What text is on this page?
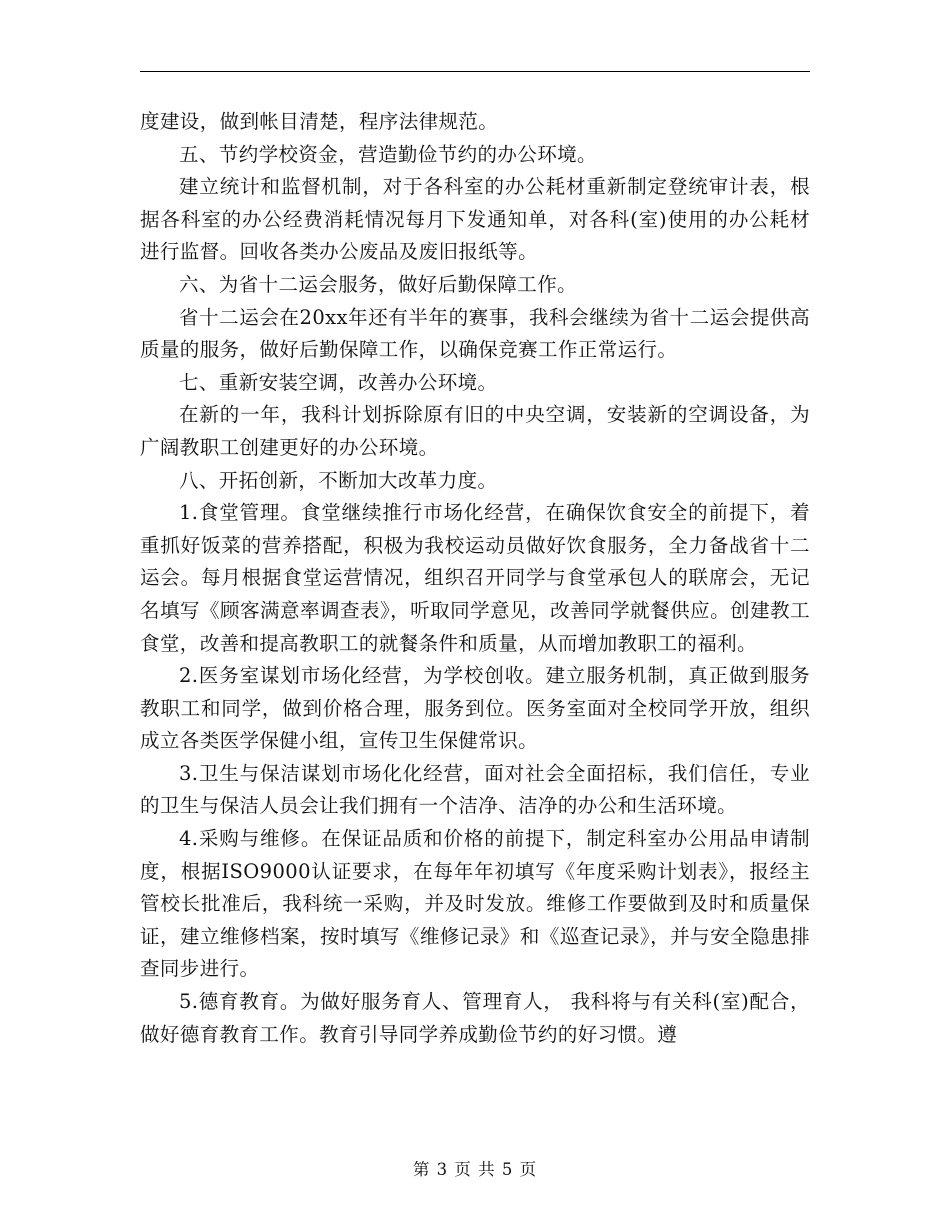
度建设，做到帐目清楚，程序法律规范。

五、节约学校资金，营造勤俭节约的办公环境。

建立统计和监督机制，对于各科室的办公耗材重新制定登统审计表，根据各科室的办公经费消耗情况每月下发通知单，对各科(室)使用的办公耗材进行监督。回收各类办公废品及废旧报纸等。

六、为省十二运会服务，做好后勤保障工作。

省十二运会在20xx年还有半年的赛事，我科会继续为省十二运会提供高质量的服务，做好后勤保障工作，以确保竞赛工作正常运行。

七、重新安装空调，改善办公环境。

在新的一年，我科计划拆除原有旧的中央空调，安装新的空调设备，为广阔教职工创建更好的办公环境。

八、开拓创新，不断加大改革力度。

1.食堂管理。食堂继续推行市场化经营，在确保饮食安全的前提下，着重抓好饭菜的营养搭配，积极为我校运动员做好饮食服务，全力备战省十二运会。每月根据食堂运营情况，组织召开同学与食堂承包人的联席会，无记名填写《顾客满意率调查表》，听取同学意见，改善同学就餐供应。创建教工食堂，改善和提高教职工的就餐条件和质量，从而增加教职工的福利。

2.医务室谋划市场化经营，为学校创收。建立服务机制，真正做到服务教职工和同学，做到价格合理，服务到位。医务室面对全校同学开放，组织成立各类医学保健小组，宣传卫生保健常识。

3.卫生与保洁谋划市场化化经营，面对社会全面招标，我们信任，专业的卫生与保洁人员会让我们拥有一个洁净、洁净的办公和生活环境。

4.采购与维修。在保证品质和价格的前提下，制定科室办公用品申请制度，根据ISO9000认证要求，在每年年初填写《年度采购计划表》，报经主管校长批准后，我科统一采购，并及时发放。维修工作要做到及时和质量保证，建立维修档案，按时填写《维修记录》和《巡查记录》，并与安全隐患排查同步进行。

5.德育教育。为做好服务育人、管理育人， 我科将与有关科(室)配合，做好德育教育工作。教育引导同学养成勤俭节约的好习惯。遵

第 3 页 共 5 页
